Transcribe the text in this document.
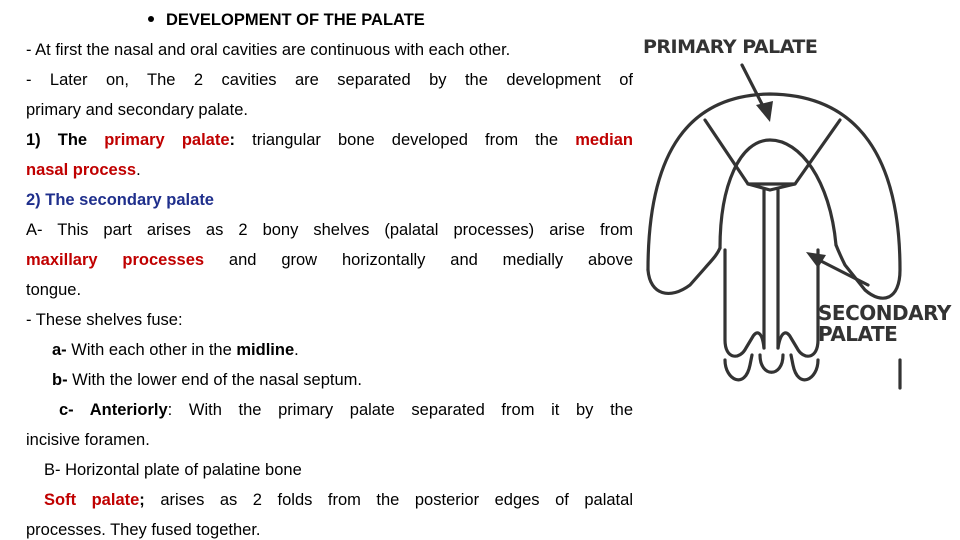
DEVELOPMENT OF THE PALATE
- At first the nasal and oral cavities are continuous with each other.
- Later on, The 2 cavities are separated by the development of
primary and secondary palate.
1) The primary palate: triangular bone developed from the median
nasal process.
2) The secondary palate
A- This part arises as 2 bony shelves (palatal processes) arise from
maxillary processes and grow horizontally and medially above
tongue.
- These shelves fuse:
a- With each other in the midline.
b- With the lower end of the nasal septum.
c- Anteriorly: With the primary palate separated from it by the
incisive foramen.
B- Horizontal plate of palatine bone
Soft palate; arises as 2 folds from the posterior edges of palatal
processes. They fused together.
PRIMARY PALATE
SECONDARY
PALATE
